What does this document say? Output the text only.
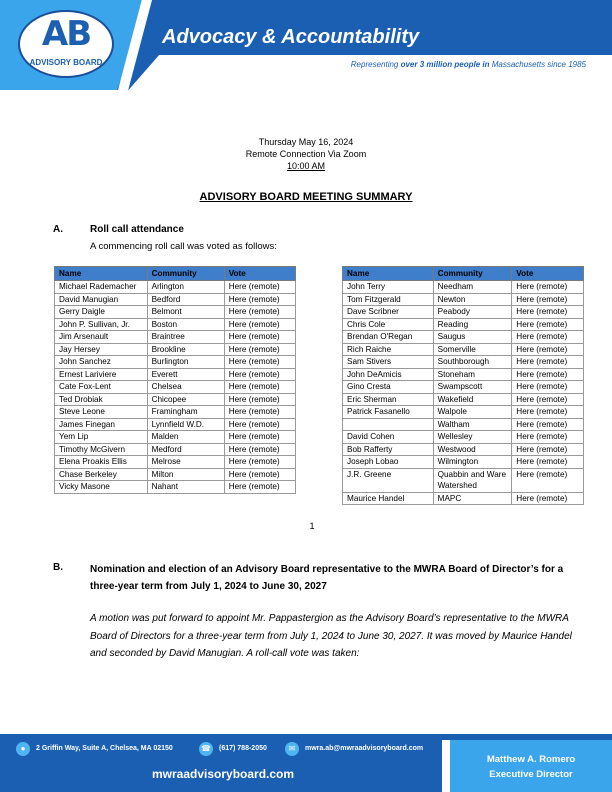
AB
ADVISORY BOARD
Advocacy & Accountability
Representing over 3 million people in Massachusetts since 1985
Thursday May 16, 2024
Remote Connection Via Zoom
10:00 AM
ADVISORY BOARD MEETING SUMMARY
A.	Roll call attendance
A commencing roll call was voted as follows:
Name	Community	Vote
Michael Rademacher	Arlington	Here (remote)
David Manugian	Bedford	Here (remote)
Gerry Daigle	Belmont	Here (remote)
John P. Sullivan, Jr.	Boston	Here (remote)
Jim Arsenault	Braintree	Here (remote)
Jay Hersey	Brookline	Here (remote)
John Sanchez	Burlington	Here (remote)
Ernest Lariviere	Everett	Here (remote)
Cate Fox-Lent	Chelsea	Here (remote)
Ted Drobiak	Chicopee	Here (remote)
Steve Leone	Framingham	Here (remote)
James Finegan	Lynnfield W.D.	Here (remote)
Yem Lip	Malden	Here (remote)
Timothy McGivern	Medford	Here (remote)
Elena Proakis Ellis	Melrose	Here (remote)
Chase Berkeley	Milton	Here (remote)
Vicky Masone	Nahant	Here (remote)
Name	Community	Vote
John Terry	Needham	Here (remote)
Tom Fitzgerald	Newton	Here (remote)
Dave Scribner	Peabody	Here (remote)
Chris Cole	Reading	Here (remote)
Brendan O'Regan	Saugus	Here (remote)
Rich Raiche	Somerville	Here (remote)
Sam Stivers	Southborough	Here (remote)
John DeAmicis	Stoneham	Here (remote)
Gino Cresta	Swampscott	Here (remote)
Eric Sherman	Wakefield	Here (remote)
Patrick Fasanello	Walpole	Here (remote)
	Waltham	Here (remote)
David Cohen	Wellesley	Here (remote)
Bob Rafferty	Westwood	Here (remote)
Joseph Lobao	Wilmington	Here (remote)
J.R. Greene	Quabbin and Ware Watershed	Here (remote)
Maurice Handel	MAPC	Here (remote)
1
B.	Nomination and election of an Advisory Board representative to the MWRA Board of Director’s for a three-year term from July 1, 2024 to June 30, 2027
A motion was put forward to appoint Mr. Pappastergion as the Advisory Board’s representative to the MWRA Board of Directors for a three-year term from July 1, 2024 to June 30, 2027. It was moved by Maurice Handel and seconded by David Manugian. A roll-call vote was taken:
Matthew A. Romero
Executive Director
●	2 Griffin Way, Suite A, Chelsea, MA 02150	☎ (617) 788-2050	✉	mwra.ab@mwraadvisoryboard.com
mwraadvisoryboard.com
